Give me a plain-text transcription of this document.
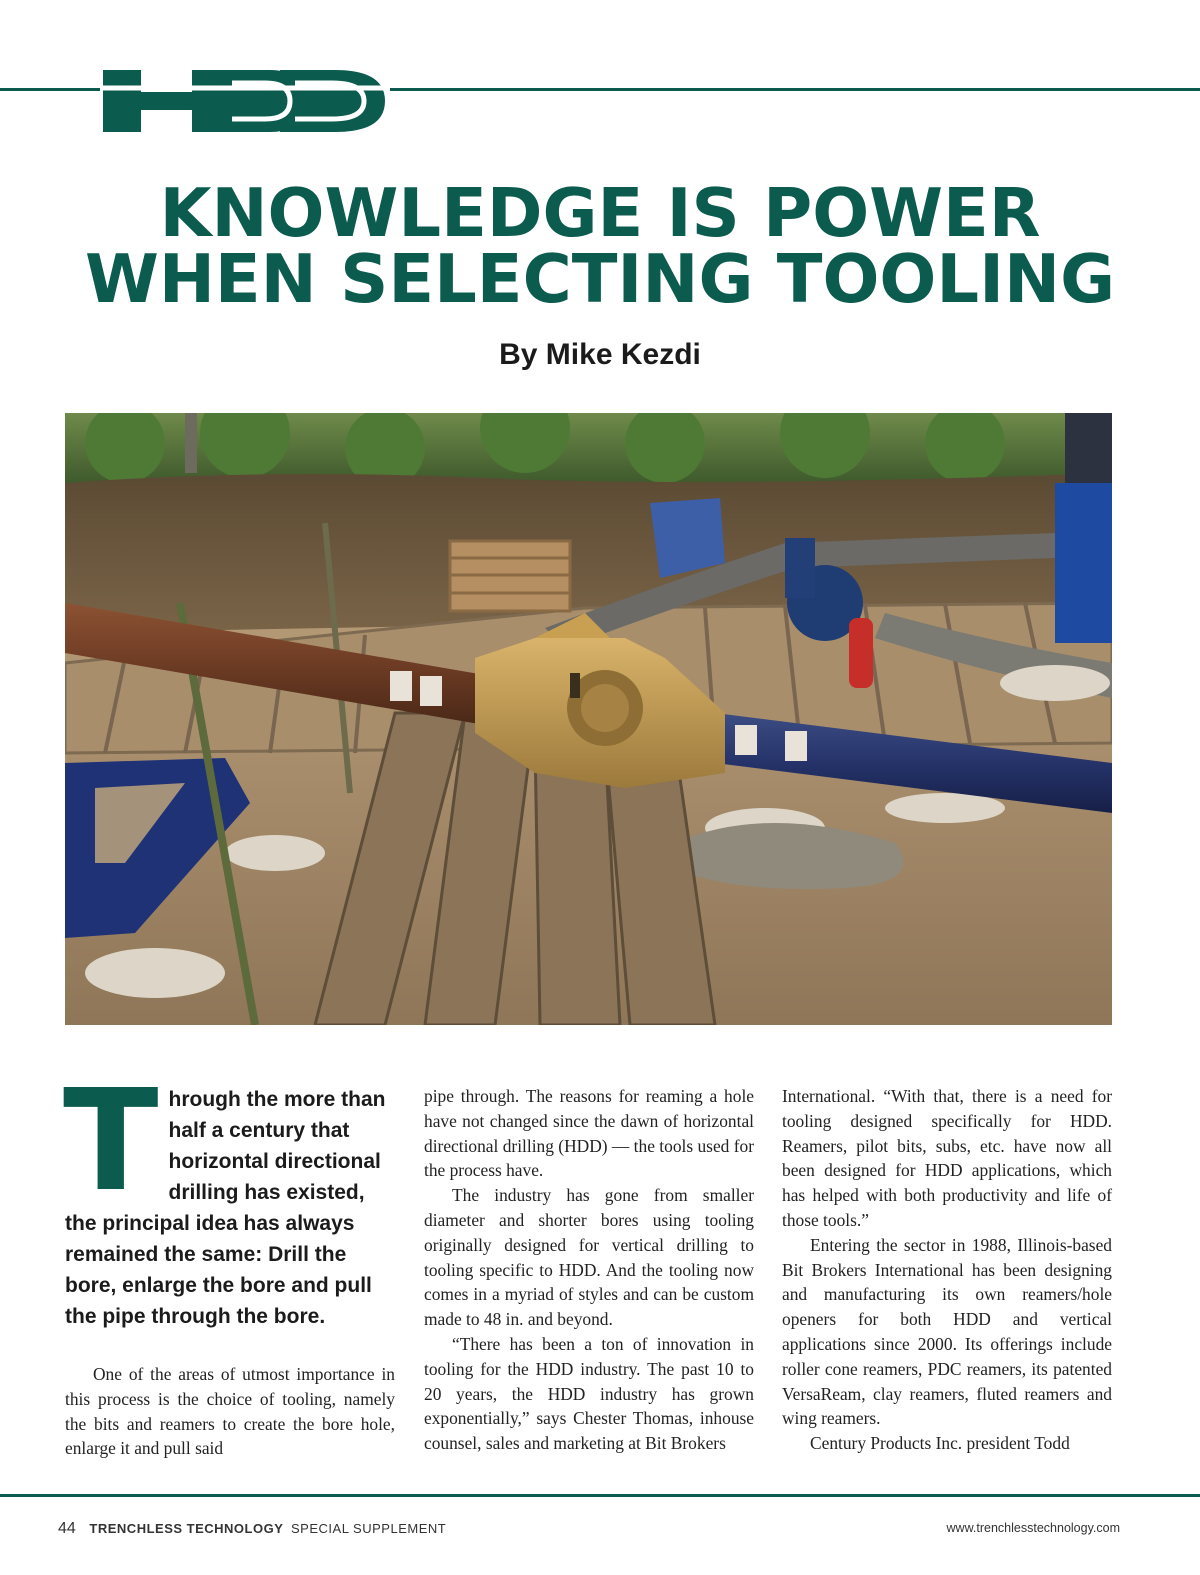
KNOWLEDGE IS POWER
WHEN SELECTING TOOLING
By Mike Kezdi
Through the more than half a century that horizontal directional drilling has existed, the principal idea has always remained the same: Drill the bore, enlarge the bore and pull the pipe through the bore.

One of the areas of utmost importance in this process is the choice of tooling, namely the bits and reamers to create the bore hole, enlarge it and pull said

pipe through. The reasons for reaming a hole have not changed since the dawn of horizontal directional drilling (HDD) — the tools used for the process have.

The industry has gone from smaller diameter and shorter bores using tooling originally designed for vertical drilling to tooling specific to HDD. And the tooling now comes in a myriad of styles and can be custom made to 48 in. and beyond.

“There has been a ton of innovation in tooling for the HDD industry. The past 10 to 20 years, the HDD industry has grown exponentially,” says Chester Thomas, inhouse counsel, sales and marketing at Bit Brokers

International. “With that, there is a need for tooling designed specifically for HDD. Reamers, pilot bits, subs, etc. have now all been designed for HDD applications, which has helped with both productivity and life of those tools.”

Entering the sector in 1988, Illinois-based Bit Brokers International has been designing and manufacturing its own reamers/hole openers for both HDD and vertical applications since 2000. Its offerings include roller cone reamers, PDC reamers, its patented VersaReam, clay reamers, fluted reamers and wing reamers.

Century Products Inc. president Todd

44 TRENCHLESS TECHNOLOGY SPECIAL SUPPLEMENT	www.trenchlesstechnology.com
